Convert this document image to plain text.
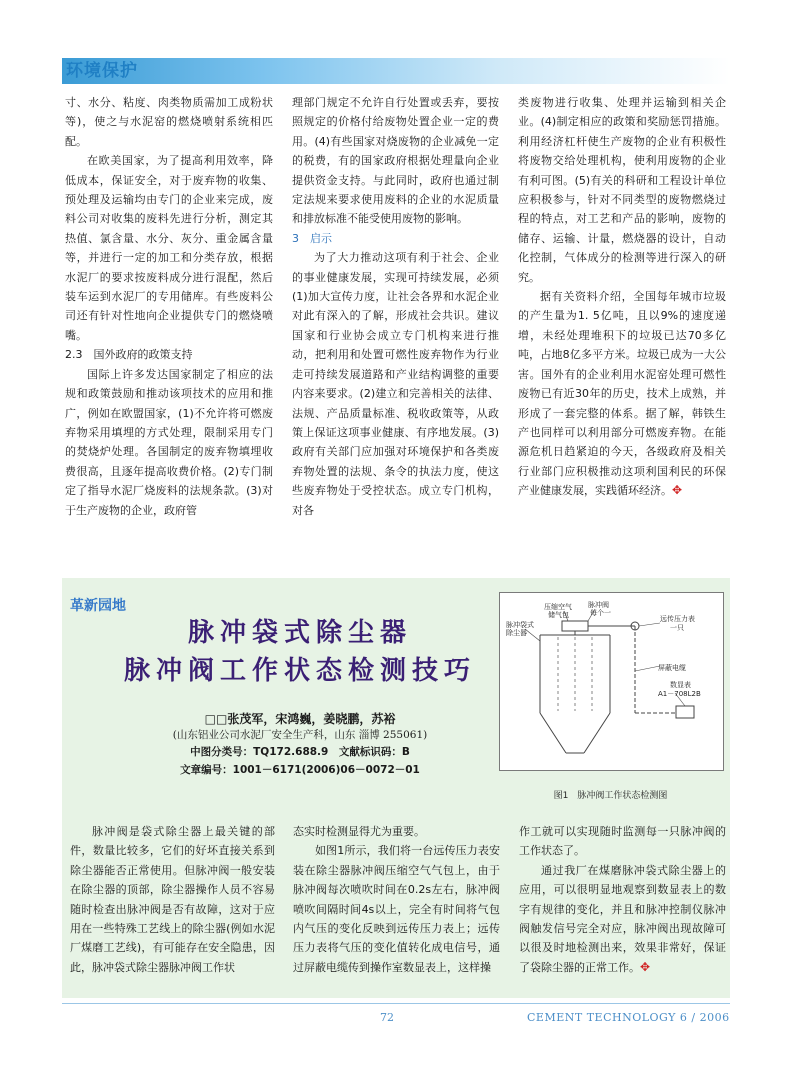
环境保护

寸、水分、粘度、肉类物质需加工成粉状等)，使之与水泥窑的燃烧喷射系统相匹配。

在欧美国家，为了提高利用效率，降低成本，保证安全，对于废弃物的收集、预处理及运输均由专门的企业来完成，废料公司对收集的废料先进行分析，测定其热值、氯含量、水分、灰分、重金属含量等，并进行一定的加工和分类存放，根据水泥厂的要求按废料成分进行混配，然后装车运到水泥厂的专用储库。有些废料公司还有针对性地向企业提供专门的燃烧喷嘴。

2.3　国外政府的政策支持

国际上许多发达国家制定了相应的法规和政策鼓励和推动该项技术的应用和推广，例如在欧盟国家，(1)不允许将可燃废弃物采用填埋的方式处理，限制采用专门的焚烧炉处理。各国制定的废弃物填埋收费很高，且逐年提高收费价格。(2)专门制定了指导水泥厂烧废料的法规条款。(3)对于生产废物的企业，政府管

理部门规定不允许自行处置或丢弃，要按照规定的价格付给废物处置企业一定的费用。(4)有些国家对烧废物的企业减免一定的税费，有的国家政府根据处理量向企业提供资金支持。与此同时，政府也通过制定法规来要求使用废料的企业的水泥质量和排放标准不能受使用废物的影响。

3　启示

为了大力推动这项有利于社会、企业的事业健康发展，实现可持续发展，必须(1)加大宣传力度，让社会各界和水泥企业对此有深入的了解，形成社会共识。建议国家和行业协会成立专门机构来进行推动，把利用和处置可燃性废弃物作为行业走可持续发展道路和产业结构调整的重要内容来要求。(2)建立和完善相关的法律、法规、产品质量标准、税收政策等，从政策上保证这项事业健康、有序地发展。(3)政府有关部门应加强对环境保护和各类废弃物处置的法规、条令的执法力度，使这些废弃物处于受控状态。成立专门机构，对各

类废物进行收集、处理并运输到相关企业。(4)制定相应的政策和奖励惩罚措施。利用经济杠杆使生产废物的企业有积极性将废物交给处理机构，使利用废物的企业有利可图。(5)有关的科研和工程设计单位应积极参与，针对不同类型的废物燃烧过程的特点，对工艺和产品的影响，废物的储存、运输、计量，燃烧器的设计，自动化控制，气体成分的检测等进行深入的研究。

据有关资料介绍，全国每年城市垃圾的产生量为1. 5亿吨，且以9%的速度递增，未经处理堆积下的垃圾已达70多亿吨，占地8亿多平方米。垃圾已成为一大公害。国外有的企业利用水泥窑处理可燃性废物已有近30年的历史，技术上成熟，并形成了一套完整的体系。据了解，韩铁生产也同样可以利用部分可燃废弃物。在能源危机日趋紧迫的今天，各级政府及相关行业部门应积极推动这项利国利民的环保产业健康发展，实践循环经济。✥

革新园地
脉冲袋式除尘器
脉冲阀工作状态检测技巧
□□张茂军，宋鸿巍，姜晓鹏，苏裕
(山东铝业公司水泥厂安全生产科，山东 淄博 255061)
中图分类号：TQ172.688.9　文献标识码：B
文章编号：1001－6171(2006)06－0072－01
压缩空气
储气包
脉冲阀
每个一
脉冲袋式
除尘器
远传压力表
一只
屏蔽电缆
数显表
A1－708L2B
图1　脉冲阀工作状态检测图

脉冲阀是袋式除尘器上最关键的部件，数量比较多，它们的好坏直接关系到除尘器能否正常使用。但脉冲阀一般安装在除尘器的顶部，除尘器操作人员不容易随时检查出脉冲阀是否有故障，这对于应用在一些特殊工艺线上的除尘器(例如水泥厂煤磨工艺线)，有可能存在安全隐患，因此，脉冲袋式除尘器脉冲阀工作状

态实时检测显得尤为重要。

如图1所示，我们将一台远传压力表安装在除尘器脉冲阀压缩空气气包上，由于脉冲阀每次喷吹时间在0.2s左右，脉冲阀喷吹间隔时间4s以上，完全有时间将气包内气压的变化反映到远传压力表上；远传压力表将气压的变化值转化成电信号，通过屏蔽电缆传到操作室数显表上，这样操

作工就可以实现随时监测每一只脉冲阀的工作状态了。

通过我厂在煤磨脉冲袋式除尘器上的应用，可以很明显地观察到数显表上的数字有规律的变化，并且和脉冲控制仪脉冲阀触发信号完全对应，脉冲阀出现故障可以很及时地检测出来，效果非常好，保证了袋除尘器的正常工作。✥

72	CEMENT TECHNOLOGY 6 / 2006
